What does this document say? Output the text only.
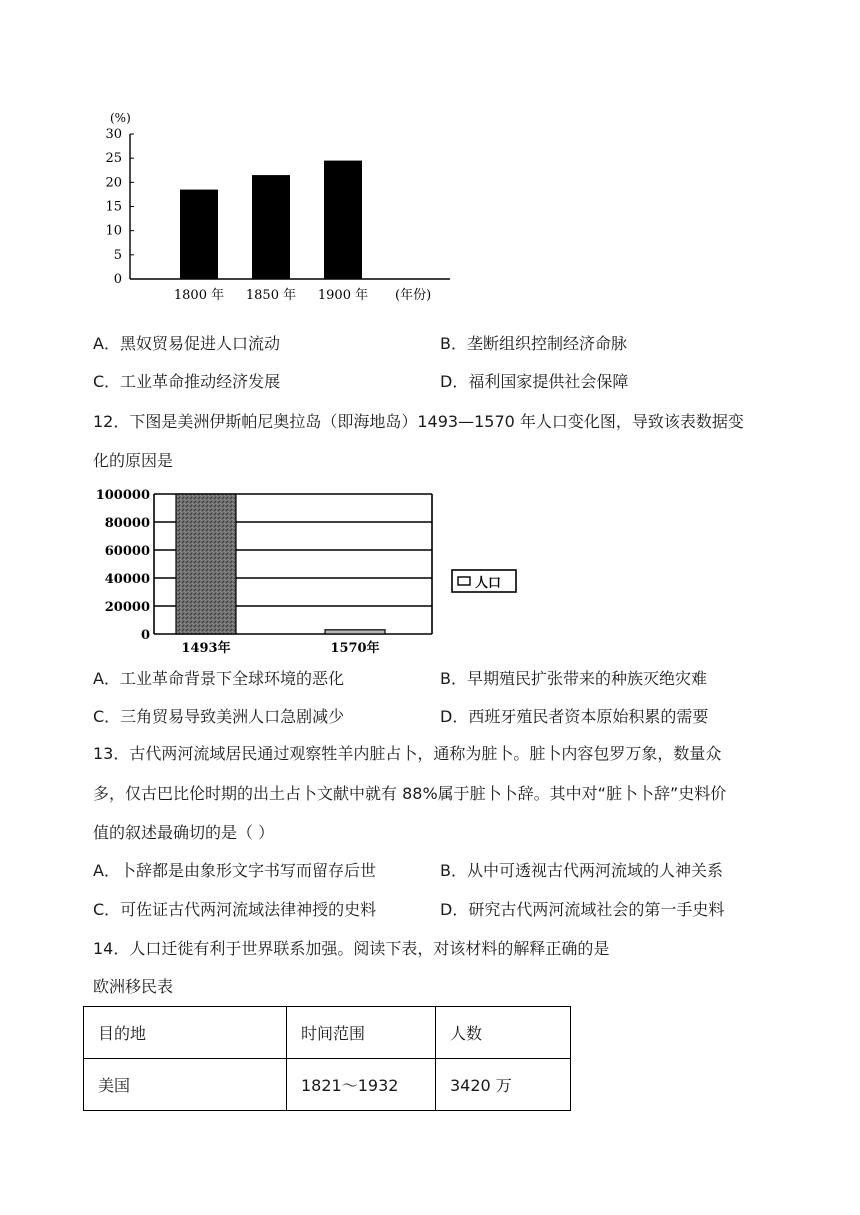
(%)
30
25
20
15
10
5
0
1800 年 1850 年 1900 年 (年份)
A．黑奴贸易促进人口流动	B．垄断组织控制经济命脉
C．工业革命推动经济发展	D．福利国家提供社会保障
12．下图是美洲伊斯帕尼奥拉岛（即海地岛）1493—1570 年人口变化图，导致该表数据变
化的原因是
100000
80000
60000
40000
20000
0
1493年	1570年
人口
A．工业革命背景下全球环境的恶化	B．早期殖民扩张带来的种族灭绝灾难
C．三角贸易导致美洲人口急剧减少	D．西班牙殖民者资本原始积累的需要
13．古代两河流域居民通过观察牲羊内脏占卜，通称为脏卜。脏卜内容包罗万象，数量众
多，仅古巴比伦时期的出土占卜文献中就有 88%属于脏卜卜辞。其中对“脏卜卜辞”史料价
值的叙述最确切的是（ ）
A．卜辞都是由象形文字书写而留存后世	B．从中可透视古代两河流域的人神关系
C．可佐证古代两河流域法律神授的史料	D．研究古代两河流域社会的第一手史料
14．人口迁徙有利于世界联系加强。阅读下表，对该材料的解释正确的是
欧洲移民表
目的地	时间范围	人数
美国	1821～1932	3420 万
